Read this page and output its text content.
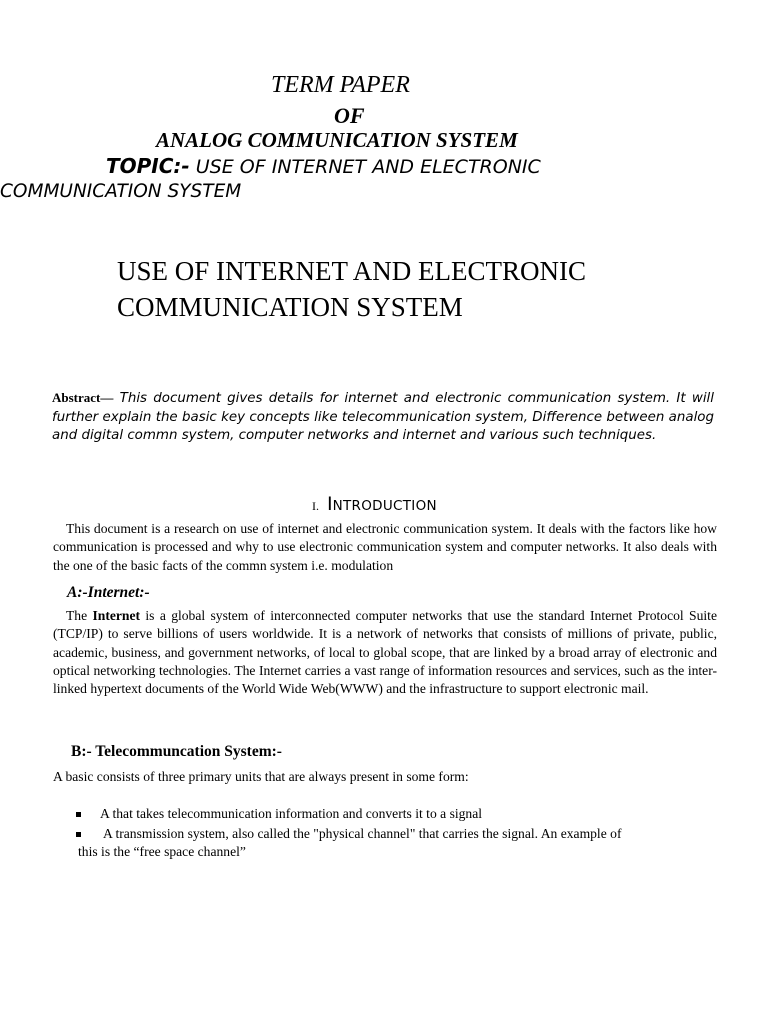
TERM PAPER
OF
ANALOG COMMUNICATION SYSTEM
TOPIC:- USE OF INTERNET AND ELECTRONIC
COMMUNICATION SYSTEM
USE OF INTERNET AND ELECTRONIC
COMMUNICATION SYSTEM
Abstract— This document gives details for internet and electronic communication system. It will further explain the basic key concepts like telecommunication system, Difference between analog and digital commn system, computer networks and internet and various such techniques.
I. INTRODUCTION
This document is a research on use of internet and electronic communication system. It deals with the factors like how communication is processed and why to use electronic communication system and computer networks. It also deals with the one of the basic facts of the commn system i.e. modulation
A:-Internet:-
The Internet is a global system of interconnected computer networks that use the standard Internet Protocol Suite (TCP/IP) to serve billions of users worldwide. It is a network of networks that consists of millions of private, public, academic, business, and government networks, of local to global scope, that are linked by a broad array of electronic and optical networking technologies. The Internet carries a vast range of information resources and services, such as the inter-linked hypertext documents of the World Wide Web(WWW) and the infrastructure to support electronic mail.
B:- Telecommuncation System:-
A basic consists of three primary units that are always present in some form:
A that takes telecommunication information and converts it to a signal
A transmission system, also called the "physical channel" that carries the signal. An example of
this is the “free space channel”
